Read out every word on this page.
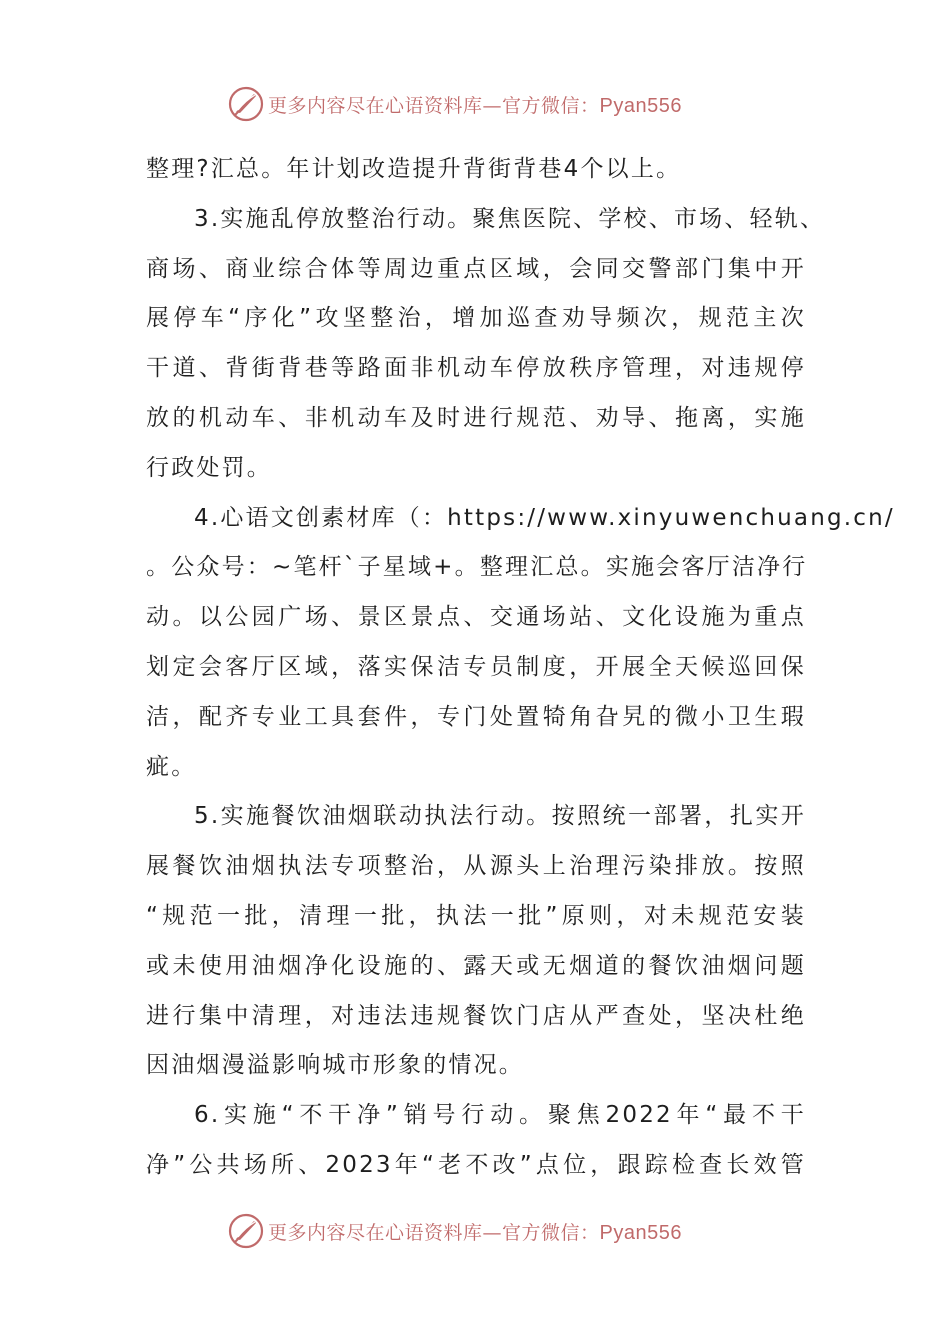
更多内容尽在心语资料库—官方微信：Pyan556
整理?汇总。年计划改造提升背街背巷4个以上。
3.实施乱停放整治行动。聚焦医院、学校、市场、轻轨、
商场、商业综合体等周边重点区域，会同交警部门集中开
展停车“序化”攻坚整治，增加巡查劝导频次，规范主次
干道、背街背巷等路面非机动车停放秩序管理，对违规停
放的机动车、非机动车及时进行规范、劝导、拖离，实施
行政处罚。
4.心语文创素材库（：https://www.xinyuwenchuang.cn/
。公众号：~笔杆`子星域+。整理汇总。实施会客厅洁净行
动。以公园广场、景区景点、交通场站、文化设施为重点
划定会客厅区域，落实保洁专员制度，开展全天候巡回保
洁，配齐专业工具套件，专门处置犄角旮旯的微小卫生瑕
疵。
5.实施餐饮油烟联动执法行动。按照统一部署，扎实开
展餐饮油烟执法专项整治，从源头上治理污染排放。按照
“规范一批，清理一批，执法一批”原则，对未规范安装
或未使用油烟净化设施的、露天或无烟道的餐饮油烟问题
进行集中清理，对违法违规餐饮门店从严查处，坚决杜绝
因油烟漫溢影响城市形象的情况。
6.实施“不干净”销号行动。聚焦2022年“最不干
净”公共场所、2023年“老不改”点位，跟踪检查长效管
更多内容尽在心语资料库—官方微信：Pyan556
